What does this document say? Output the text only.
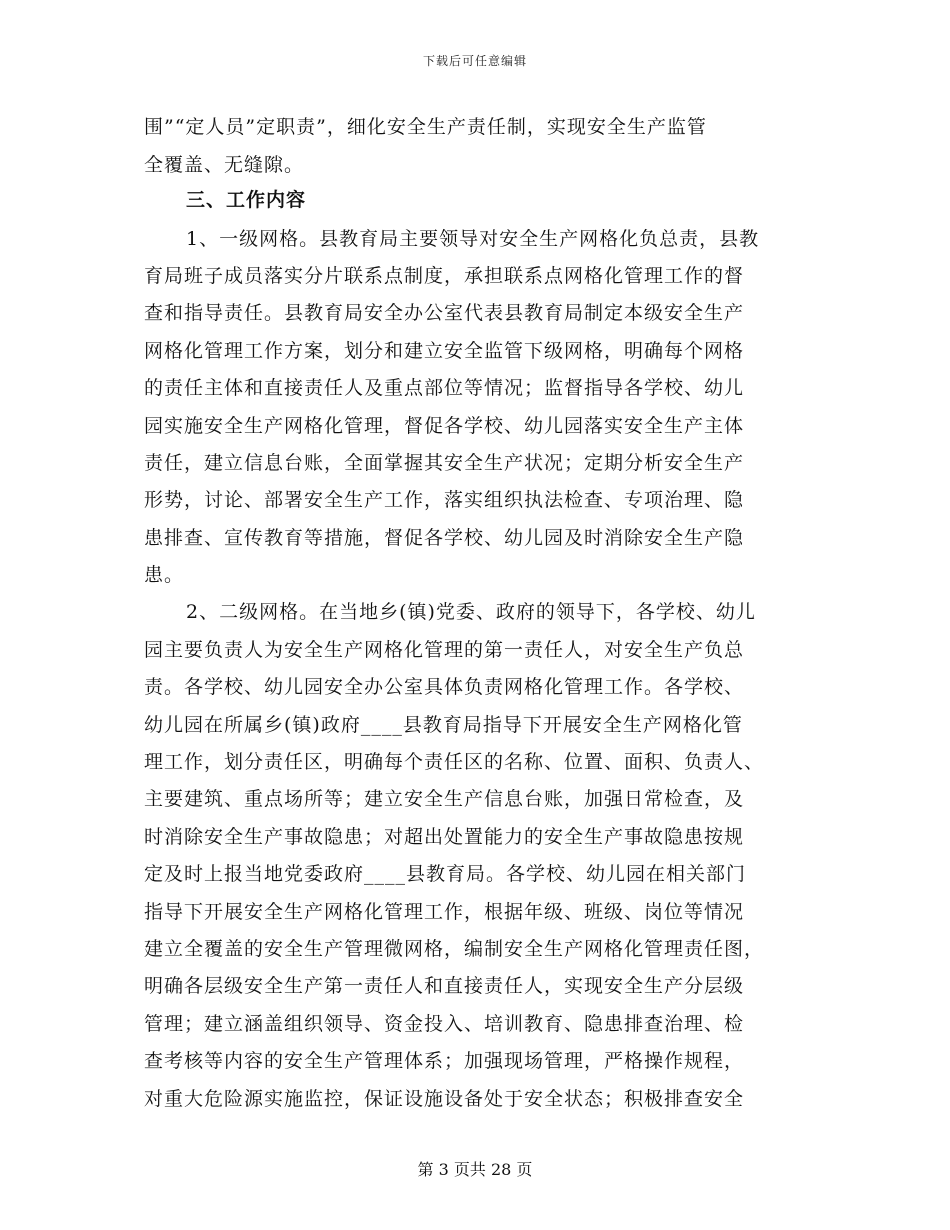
下载后可任意编辑
围”“定人员”定职责”，细化安全生产责任制，实现安全生产监管
全覆盖、无缝隙。
三、工作内容
1、一级网格。县教育局主要领导对安全生产网格化负总责，县教
育局班子成员落实分片联系点制度，承担联系点网格化管理工作的督
查和指导责任。县教育局安全办公室代表县教育局制定本级安全生产
网格化管理工作方案，划分和建立安全监管下级网格，明确每个网格
的责任主体和直接责任人及重点部位等情况；监督指导各学校、幼儿
园实施安全生产网格化管理，督促各学校、幼儿园落实安全生产主体
责任，建立信息台账，全面掌握其安全生产状况；定期分析安全生产
形势，讨论、部署安全生产工作，落实组织执法检查、专项治理、隐
患排查、宣传教育等措施，督促各学校、幼儿园及时消除安全生产隐
患。
2、二级网格。在当地乡(镇)党委、政府的领导下，各学校、幼儿
园主要负责人为安全生产网格化管理的第一责任人，对安全生产负总
责。各学校、幼儿园安全办公室具体负责网格化管理工作。各学校、
幼儿园在所属乡(镇)政府____县教育局指导下开展安全生产网格化管
理工作，划分责任区，明确每个责任区的名称、位置、面积、负责人、
主要建筑、重点场所等；建立安全生产信息台账，加强日常检查，及
时消除安全生产事故隐患；对超出处置能力的安全生产事故隐患按规
定及时上报当地党委政府____县教育局。各学校、幼儿园在相关部门
指导下开展安全生产网格化管理工作，根据年级、班级、岗位等情况
建立全覆盖的安全生产管理微网格，编制安全生产网格化管理责任图，
明确各层级安全生产第一责任人和直接责任人，实现安全生产分层级
管理；建立涵盖组织领导、资金投入、培训教育、隐患排查治理、检
查考核等内容的安全生产管理体系；加强现场管理，严格操作规程，
对重大危险源实施监控，保证设施设备处于安全状态；积极排查安全
第 3 页共 28 页
